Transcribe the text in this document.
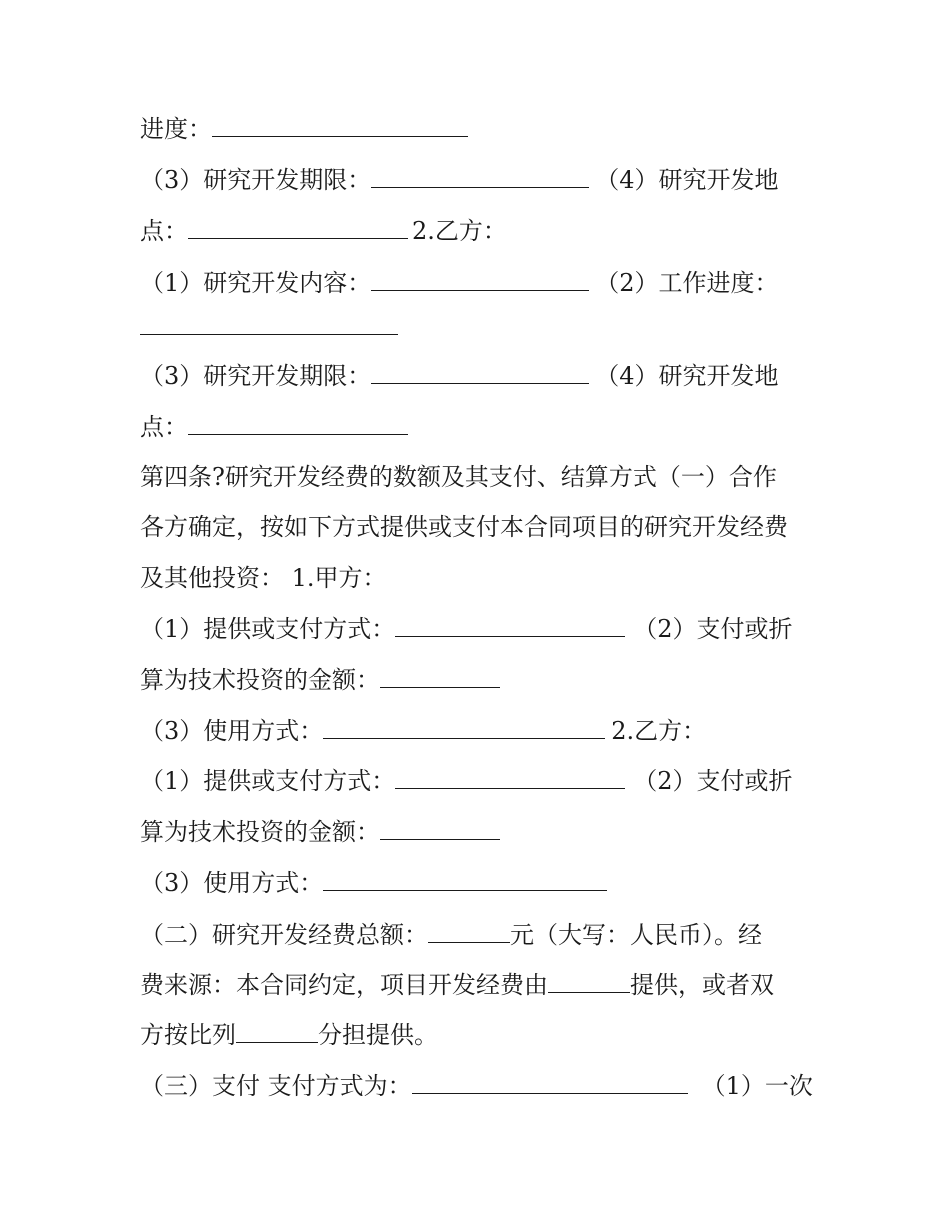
进度：
（3）研究开发期限：	（4）研究开发地
点：	2.乙方：
（1）研究开发内容：	（2）工作进度：
（3）研究开发期限：	（4）研究开发地
点：
第四条?研究开发经费的数额及其支付、结算方式（一）合作
各方确定，按如下方式提供或支付本合同项目的研究开发经费
及其他投资： 1.甲方：
（1）提供或支付方式：	（2）支付或折
算为技术投资的金额：
（3）使用方式：	2.乙方：
（1）提供或支付方式：	（2）支付或折
算为技术投资的金额：
（3）使用方式：
（二）研究开发经费总额：	元（大写：人民币）。经
费来源：本合同约定，项目开发经费由	提供，或者双
方按比列	分担提供。
（三）支付 支付方式为：	（1）一次
